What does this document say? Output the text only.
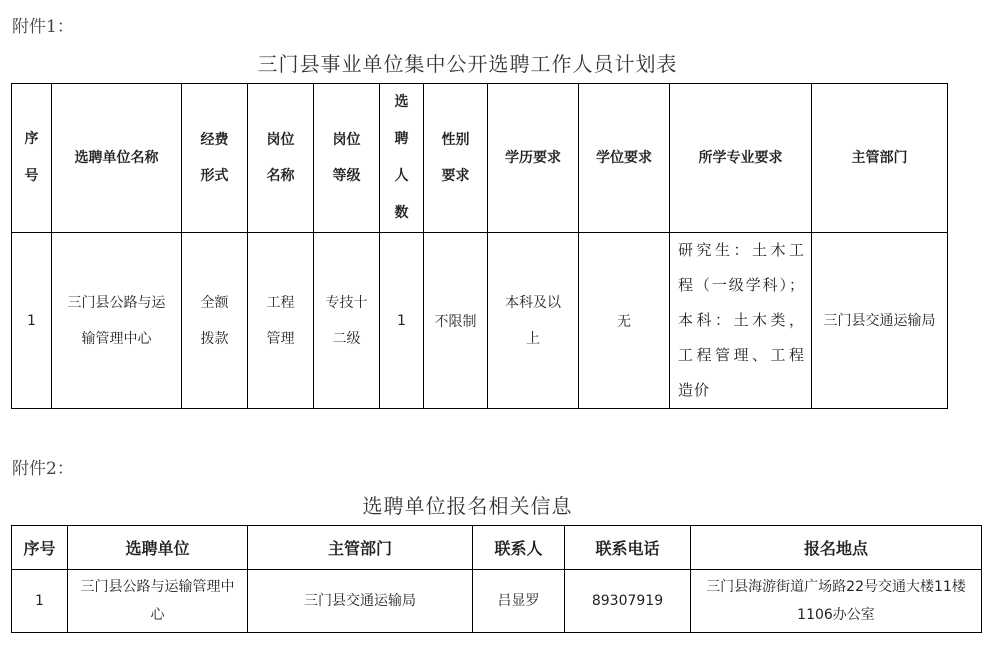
附件1：
三门县事业单位集中公开选聘工作人员计划表
序号	选聘单位名称	经费形式	岗位名称	岗位等级	选聘人数	性别要求	学历要求	学位要求	所学专业要求	主管部门
1	三门县公路与运输管理中心	全额拨款	工程管理	专技十二级	1	不限制	本科及以上	无	研究生：土木工程（一级学科）；本科：土木类，工程管理、工程造价	三门县交通运输局
附件2：
选聘单位报名相关信息
序号	选聘单位	主管部门	联系人	联系电话	报名地点
1	三门县公路与运输管理中心	三门县交通运输局	吕显罗	89307919	三门县海游街道广场路22号交通大楼11楼1106办公室
